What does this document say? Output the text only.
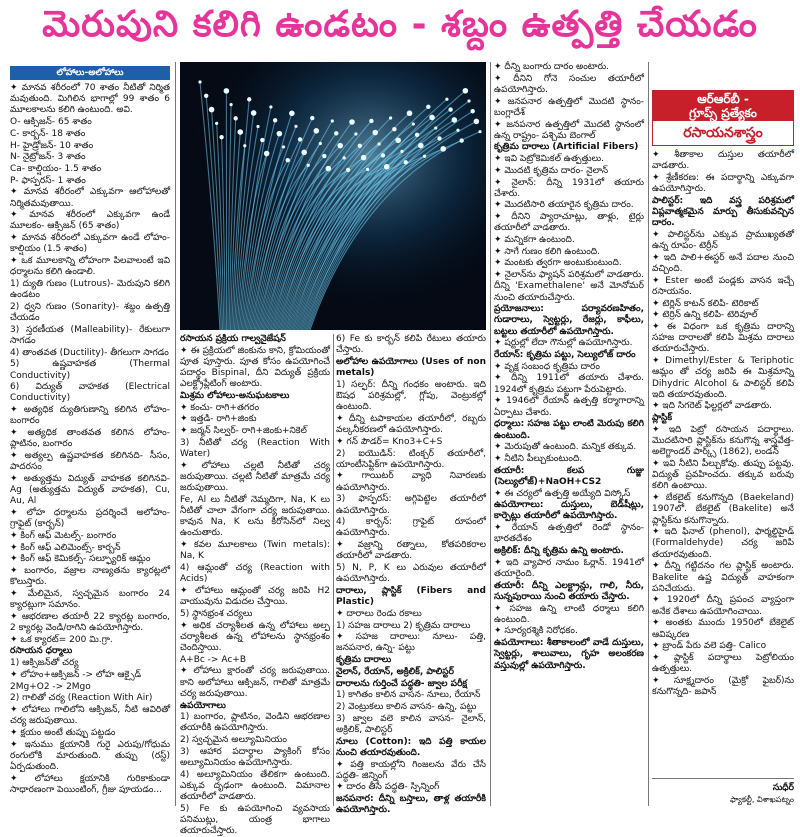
మెరుపుని కలిగి ఉండటం - శబ్దం ఉత్పత్తి చేయడం
లోహాలు-అలోహాలు

✦ మానవ శరీరంలో 70 శాతం నీటితో నిర్మిత మవుతుంది. మిగిలిన భాగాల్లో 99 శాతం 6 మూలకాలను కలిగి ఉంటుంది. అవి.

O- ఆక్సిజన్- 65 శాతం

C- కార్బన్- 18 శాతం

H- హైడ్రోజన్- 10 శాతం

N- నైట్రోజన్- 3 శాతం

Ca- కాల్షియం- 1.5 శాతం

P- ఫాస్పరస్- 1 శాతం

✦ మానవ శరీరంలో ఎక్కువగా ఆలోహాలతో నిర్మితమవుతాయి.

✦ మానవ శరీరంలో ఎక్కువగా ఉండే మూలకం- ఆక్సిజన్ (65 శాతం)

✦ మానవ శరీరంలో ఎక్కువగా ఉండే లోహం- కాల్షియం (1.5 శాతం)

✦ ఒక మూలకాన్ని లోహంగా పిలవాలంటే ఇవి ధర్మాలను కలిగి ఉండాలి.

1) ద్యుతి గుణం (Lutrous)- మెరుపుని కలిగి ఉండటం

2) ధ్వని గుణం (Sonarity)- శబ్దం ఉత్పత్తి చేయడం

3) స్తరణీయత (Malleability)- రేకులుగా సాగడం

4) తాంతవత (Ductility)- తీగలుగా సాగడం

5) ఉష్ణవాహకత (Thermal Conductivity)

6) విద్యుత్ వాహకత (Electrical Conductivity)

✦ అత్యధిక ద్యుతిగుణాన్ని కలిగిన లోహం- బంగారం

✦ అత్యధిక తాంతవత కలిగిన లోహం- ప్లాటినం, బంగారం

✦ అత్యల్ప ఉష్ణవాహకత కలిగినది- సీసం, పాదరసం

✦ అత్యుత్తమ విద్యుత్ వాహకత కలిగినవి- Ag (అత్యుత్తమ విద్యుత్ వాహకత), Cu, Au, Al

✦ లోహ ధర్మాలను ప్రదర్శించే అలోహం- గ్రాఫైట్ (కార్బన్)

✦ కింగ్ ఆఫ్ మెటల్స్- బంగారం

✦ కింగ్ ఆఫ్ ఎలిమెంట్స్- కార్బన్

✦ కింగ్ ఆఫ్ కెమికల్స్- సల్ఫ్యూరిక్ ఆమ్లం

✦ బంగారం, వజ్రాల నాణ్యతను క్యారట్లలో కొలుస్తారు.

✦ మేలిమైన, స్వచ్ఛమైన బంగారం 24 క్యారట్లుగా సమానం.

✦ ఆభరణాల తయారీ 22 క్యారట్ల బంగారం, 2 క్యారట్ల వెండి/రాగిని ఉపయోగిస్తారు.

✦ ఒక క్యారట్= 200 మి.గ్రా.

రసాయన ధర్మాలు

1) ఆక్సిజన్‌తో చర్య

✦ లోహం+ఆక్సిజన్ -> లోహ ఆక్సైడ్

2Mg+O2 -> 2Mgo

2) గాలితో చర్య (Reaction With Air)

✦ లోహాలు గాలిలోని ఆక్సిజన్, నీటి ఆవిరితో చర్య జరుపుతాయి.

✦ క్షయం అంటే తుప్పు పట్టడం

✦ ఇనుము క్షయానికి గురై ఎరుపు/గోధుమ రంగులోకి మారుతుంది. తుప్పు (రస్ట్) ఏర్పడుతుంది.

✦ లోహాలు క్షయానికి గురికాకుండా సాధారణంగా పెయింటింగ్, గ్రీజు పూయడం...

రసాయన ప్రక్రియ గాల్వనైజేషన్

✦ ఈ ప్రక్రియలో జింకును కాని, క్రోమియంతో పూత పూస్తారు. పూత కోసం ఉపయోగించే పదార్థం Bispinal, దీని విద్యుత్ ప్రక్రియ ఎలక్ట్రోప్లేటింగ్ అంటారు.

మిశ్రమ లోహాలు-అనుఘటకాలు

✦ కంచు- రాగి+తగరం

✦ ఇత్తడి- రాగి+జింకు

✦ జర్మన్ సిల్వర్- రాగి+జింకు+నికెల్

3) నీటితో చర్య (Reaction With Water)

✦ లోహాలు చల్లటి నీటితో చర్య జరుపుతాయి. చల్లటి నీటితో మాత్రమే చర్య జరుపుతాయి.

Fe, Al లు నీటితో నెమ్మదిగా, Na, K లు నీటితో చాలా వేగంగా చర్య జరుపుతాయి. కావున Na, K లను కిరోసిన్‌లో నిల్వ ఉంచుతారు.

✦ కవల మూలకాలు (Twin metals): Na, K

4) ఆమ్లంతో చర్య (Reaction with Acids)

✦ లోహాలు ఆమ్లంతో చర్య జరిపి H2 వాయువును విడుదల చేస్తాయి.

5) స్థానభ్రంశ చర్యలు

✦ అధిక చర్యాశీలత ఉన్న లోహాలు అల్ప చర్యాశీలత ఉన్న లోహాలను స్థానభ్రంశం చెందిస్తాయి.

A+Bc -> Ac+B

✦ లోహాలు క్షారంతో చర్య జరుపుతాయి. కాని అలోహాలు ఆక్సిజన్, గాలితో మాత్రమే చర్య జరుపుతాయి.

ఉపయోగాలు

1) బంగారం, ప్లాటినం, వెండిని ఆభరణాల తయారీకి ఉపయోగిస్తారు.

2) స్వచ్ఛమైన అల్యూమినియం

3) ఆహార పదార్థాల ప్యాకింగ్ కోసం అల్యూమినియం ఉపయోగిస్తారు.

4) అల్యూమినియం తేలికగా ఉంటుంది. ఎక్కువ దృఢంగా ఉంటుంది. విమానాల తయారీలో వాడతారు.

5) Fe కు ఉపయోగించి వ్యవసాయ పనిముట్లు, యంత్ర భాగాలు తయారుచేస్తారు.

6) Fe కు కార్బన్ కలిపి రేటులు తయారు చేస్తారు.

అలోహాల ఉపయోగాలు (Uses of non metals)

1) సల్ఫర్: దీన్ని గంధకం అంటారు. ఇది ఔషధ పరిశ్రమల్లో, గ్లోపు, వెంట్రుకల్లో ఉంటుంది.

✦ దీన్ని టపాకాయల తయారీలో, రబ్బరు వల్కనీకరణలో ఉపయోగిస్తారు.

✦ గన్ పౌడర్= Kno3+C+S

2) ఐయొడిన్: టింక్చర్ తయారీలో, యాంటీసెప్టిక్‌గా ఉపయోగిస్తారు.

✦ గాయిటర్ వ్యాధి నివారణకు ఉపయోగిస్తారు.

3) ఫాస్ఫరస్: అగ్గిపెట్టెల తయారీలో ఉపయోగిస్తారు.

4) కార్బన్: గ్రాఫైట్ రూపంలో ఉపయోగిస్తారు.

✦ వజ్రాన్ని రత్నాలు, కోతపరికరాల తయారీలో వాడతారు.

5) N, P, K లు ఎరువుల తయారీలో ఉపయోగిస్తారు.

దారాలు, ప్లాస్టిక్ (Fibers and Plastic)

✦ దారాలు రెండు రకాలు

1) సహజ దారాలు 2) కృత్రిమ దారాలు

✦ సహజ దారాలు: నూలు- పత్తి, జనపనార, ఉన్ని- పట్టు

కృత్రిమ దారాలు

నైలాన్, రేయాన్, అక్రిలిక్, పాలిస్టర్

దారాలను గుర్తించే పద్ధతి- జ్వాల పరీక్ష

1) కాగితం కాలిన వాసన- నూలు, రేయాన్

2) వెంట్రుకలు కాలిన వాసన- ఉన్ని, పట్టు

3) జ్వాల వలె కాలిన వాసన- నైలాన్, అక్రిలిక్, పాలిస్టర్

నూలు (Cotton): ఇది పత్తి కాయల నుంచి తయారవుతుంది.

✦ పత్తి కాయల్లోని గింజలను వేరు చేసే పద్ధతి- జిన్నింగ్

✦ దారం తీసే పద్ధతి- స్పిన్నింగ్

జనపనార: దీన్ని బస్తాలు, తాళ్ల తయారీకి ఉపయోగిస్తారు.

✦ దీన్ని బంగారు దారం అంటారు.

✦ దీనిని గోనె సంచుల తయారీలో ఉపయోగిస్తారు.

✦ జనపనార ఉత్పత్తిలో మొదటి స్థానం- బంగ్లాదేశ్

✦ జనపనార ఉత్పత్తిలో మొదటి స్థానంలో ఉన్న రాష్ట్రం- పశ్చిమ బెంగాల్

కృత్రిమ దారాలు (Artificial Fibers)

✦ ఇవి పెట్రోకెమికల్ ఉత్పత్తులు.

✦ మొదటి కృత్రిమ దారం- నైలాన్

✦ నైలాన్: దీన్ని 1931లో తయారు చేశారు.

✦ మొదటిసారి తయారైన కృత్రిమ దారం.

✦ దీనిని ప్యారాచూట్లు, తాళ్లు, టైర్లు తయారీలో వాడతారు.

✦ మన్నికగా ఉంటుంది.

✦ సాగే గుణం కలిగి ఉంటుంది.

✦ మంటకు త్వరగా అంటుకుంటుంది.

✦ నైలాన్‌ను ఫ్యాషన్ పరిశ్రమలో వాడతారు. దీన్ని 'Examethalene' అనే మోనోమర్ నుంచి తయారుచేస్తారు.

ప్రయోజనాలు: పర్యావరణహితం, గుడారాలు, స్వెట్టర్లు, రేజర్లు, కాఫీలు, బట్టలు తయారీలో ఉపయోగిస్తారు.

✦ షర్టుల్లో లేదా గౌనుల్లో ఉపయోగిస్తారు.

రేయాన్: కృత్రిమ పట్టు, సెల్యులోజ్ దారం

✦ వృక్ష సంబంధ కృత్రిమ దారం

✦ దీన్ని 1911లో తయారు చేశారు. 1924లో కృత్రిమ పట్టుగా పేరుపెట్టారు.

✦ 1946లో రేయాన్ ఉత్పత్తి కర్మాగారాన్ని ఏర్పాటు చేశారు.

ధర్మాలు: సహజ పట్టు లాంటి మెరుపు కలిగి ఉంటుంది.

✦ మెరుపుతో ఉంటుంది. మన్నిక తక్కువ.

✦ నీటిని పీల్చుకుంటుంది.

తయారీ: కలప గుజ్జు (సెల్యులోజ్)+NaOH+CS2

✦ ఈ చర్యలో ఉత్పత్తి అయ్యేది విస్కోస్

ఉపయోగాలు: దుస్తులు, బెడ్‌షీట్లు, కార్పెట్లు తయారీలో ఉపయోగిస్తారు.

✦ రేయాన్ ఉత్పత్తిలో రెండో స్థానం- భారతదేశం

అక్రిలిక్: దీన్ని కృత్రిమ ఉన్ని అంటారు.

✦ ఇది వ్యాపార నామం ఓర్లాన్. 1941లో తయారైంది.

తయారీ: దీన్ని ఎలక్ట్రాన్లు, గాలి, నీరు, సున్నపురాయి నుంచి తయారు చేస్తారు.

✦ సహజ ఉన్ని లాంటి ధర్మాలు కలిగి ఉంటుంది.

✦ సూర్యరశ్మికి నిరోధకం.

ఉపయోగాలు: శీతాకాలంలో వాడే దుస్తులు, స్వెట్టర్లు, శాలువాలు, గృహ అలంకరణ వస్తువుల్లో ఉపయోగిస్తారు.

ఆర్‌ఆర్‌బీ -
గ్రూప్స్ ప్రత్యేకం
రసాయనశాస్త్రం

✦ శీతాకాల దుస్తుల తయారీలో వాడతారు.

✦ శ్రేణీకరణ: ఈ పదార్థాన్ని ఎక్కువగా ఉపయోగిస్తారు.

పాలిస్టర్: ఇది వస్త్ర పరిశ్రమలో విప్లవాత్మకమైన మార్పు తీసుకువచ్చిన దారం.

✦ పాలిస్టర్‌ను ఎక్కువ ప్రాముఖ్యతతో ఉన్న రూపం- టెర్రీన్

✦ ఇది పాలి+ఈస్టర్ అనే పదాల నుంచి వచ్చింది.

✦ Ester అంటే పండ్లకు వాసన ఇచ్చే రసాయనం.

✦ టెర్లిన్ కాటన్ కలిపి- టెరికాట్

✦ టెర్రిన్ ఉన్ని కలిపి- టెరివూల్

✦ ఈ విధంగా ఒక కృత్రిమ దారాన్ని సహజ దారాలతో కలిపి మిశ్రమ దారాలు తయారుచేస్తారు.

✦ Dimethyl/Ester & Teriphotic ఆమ్లం తో చర్య జరిపి ఈ మిశ్రమాన్ని Dihydric Alcohol & పాలిస్టర్ కలిపి ఇది తయారవుతుంది.

✦ ఇది సిగరెట్ ఫిల్టర్లలో వాడతారు.

ప్లాస్టిక్

✦ ఇది పెట్రో రసాయన పదార్థాలు. మొదటిసారి ప్లాస్టిక్‌ను కనుగొన్న శాస్త్రవేత్త- అలెగ్జాండర్ పార్క్స్ (1862), లండన్

✦ ఇవి నీటిని పీల్చుకోవు. తుప్పు పట్టవు. విద్యుత్ ప్రవహించదు. తక్కువ బరువు కలిగి ఉంటాయి.

✦ బేకలైట్ కనుగొన్నది (Baekeland) 1907లో. బేకలైట్ (Bakelite) అనే ప్లాస్టిక్‌ను కనుగొన్నారు.

✦ ఇది ఫినాల్ (phenol), ఫార్మల్డిహైడ్ (Formaldehyde) చర్య జరిపి తయారవుతుంది.

✦ దీన్ని గట్టిదనం గల ప్లాస్టిక్ అంటారు. Bakelite ఉష్ణ విద్యుత్ వాహకంగా పనిచేయదు.

✦ 1920లో దీన్ని ప్రపంచ వ్యాప్తంగా అనేక దేశాలు ఉపయోగించాయి.

✦ అంతకు ముందు 1950లో బేకెలైట్ ఆవిష్కరణ

✦ బ్రాండ్ పేరు వలె పత్తి- Calico

✦ ప్లాస్టిక్ పదార్థాలు పెట్రోలియం ఉత్పత్తులు.

✦ సూక్ష్మదారం (మైక్రో ఫైబర్)ను కనుగొన్నది- జపాన్

సుధీర్
ఫ్యాకల్టీ, విశాఖపట్నం
